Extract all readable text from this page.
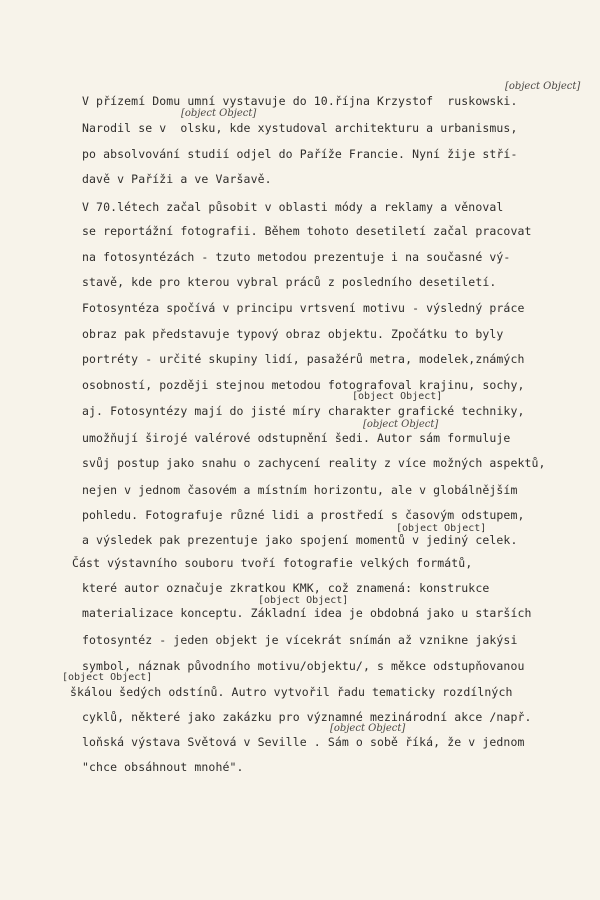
V přízemí Domu umní vystavuje do 10.října Krzystof  ruskowski.
Narodil se v  olsku, kde xystudoval architekturu a urbanismus,
po absolvování studií odjel do Paříže Francie. Nyní žije stří-
davě v Paříži a ve Varšavě.
V 70.létech začal působit v oblasti módy a reklamy a věnoval
se reportážní fotografii. Během tohoto desetiletí začal pracovat
na fotosyntézách - tzuto metodou prezentuje i na současné vý-
stavě, kde pro kterou vybral práců z posledního desetiletí.
Fotosyntéza spočívá v principu vrtsvení motivu - výsledný práce
obraz pak představuje typový obraz objektu. Zpočátku to byly
portréty - určité skupiny lidí, pasažérů metra, modelek,známých
osobností, později stejnou metodou fotografoval krajinu, sochy,
aj. Fotosyntézy mají do jisté míry charakter grafické techniky,
umožňují širojé valérové odstupnění šedi. Autor sám formuluje
svůj postup jako snahu o zachycení reality z více možných aspektů,
nejen v jednom časovém a místním horizontu, ale v globálnějším
pohledu. Fotografuje různé lidi a prostředí s časovým odstupem,
a výsledek pak prezentuje jako spojení momentů v jediný celek.
Část výstavního souboru tvoří fotografie velkých formátů,
které autor označuje zkratkou KMK, což znamená: konstrukce
materializace konceptu. Základní idea je obdobná jako u starších
fotosyntéz - jeden objekt je vícekrát snímán až vznikne jakýsi
symbol, náznak původního motivu/objektu/, s měkce odstupňovanou
škálou šedých odstínů. Autro vytvořil řadu tematicky rozdílných
cyklů, některé jako zakázku pro významné mezinárodní akce /např.
loňská výstava Světová v Seville . Sám o sobě říká, že v jednom
"chce obsáhnout mnohé".
[object Object]
[object Object]
[object Object]
[object Object]
[object Object]
[object Object]
[object Object]
[object Object]
